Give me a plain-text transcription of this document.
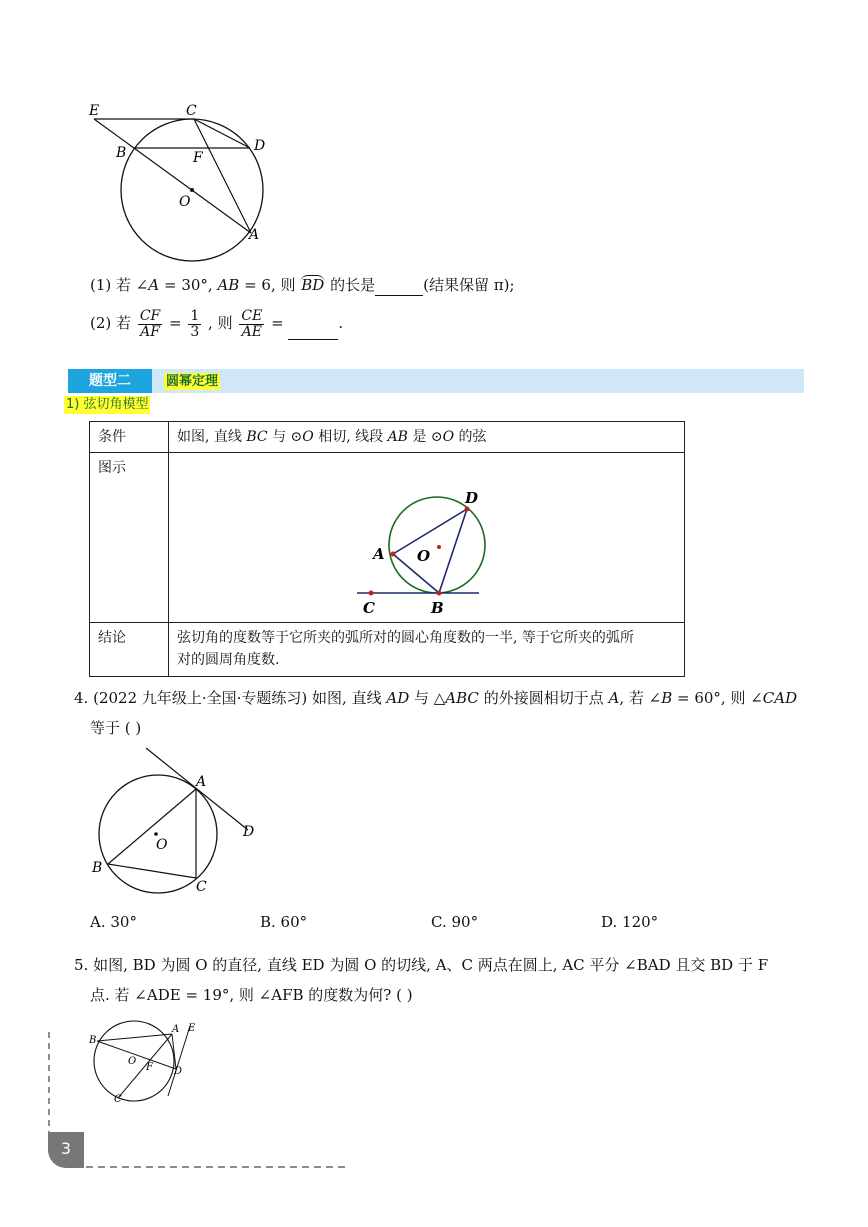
E	C
D
B	F
O
A
(1) 若 ∠A = 30°, AB = 6, 则 BD 的长是	(结果保留 π);
(2) 若 $\frac{CF}{AF} = \frac{1}{3}$ , 则 $\frac{CE}{AE}$ =	.
题型二	圆幂定理
1) 弦切角模型
条件	如图, 直线 BC 与 ⊙O 相切, 线段 AB 是 ⊙O 的弦
图示	D
A O
C B

结论	弦切角的度数等于它所夹的弧所对的圆心角度数的一半, 等于它所夹的弧所
对的圆周角度数.
4. (2022 九年级上·全国·专题练习) 如图, 直线 AD 与 △ABC 的外接圆相切于点 A, 若 ∠B = 60°, 则 ∠CAD
等于 ( )
A
D
O
B
C
A. 30°	B. 60°	C. 90°	D. 120°
5. 如图, BD 为圆 O 的直径, 直线 ED 为圆 O 的切线, A、C 两点在圆上, AC 平分 ∠BAD 且交 BD 于 F
点. 若 ∠ADE = 19°, 则 ∠AFB 的度数为何? ( )
B
A E
O
F D
C
3
